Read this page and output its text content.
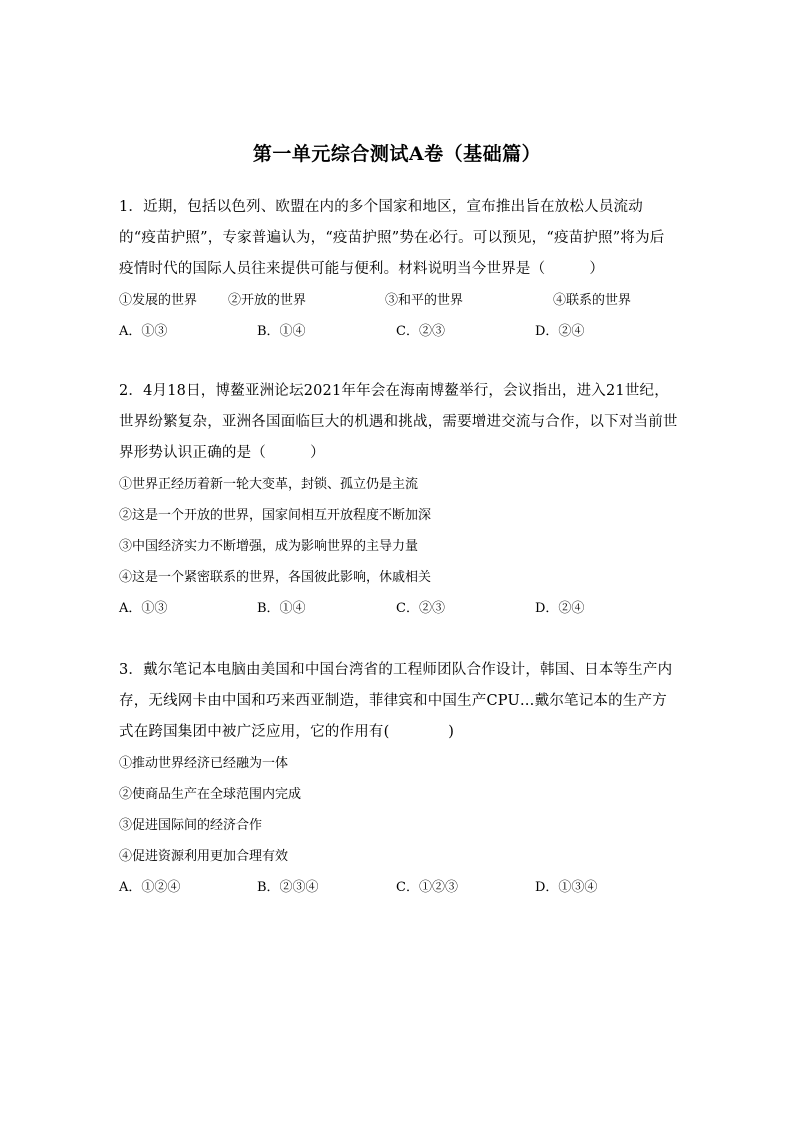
第一单元综合测试A卷（基础篇）

1．近期，包括以色列、欧盟在内的多个国家和地区，宣布推出旨在放松人员流动的“疫苗护照”，专家普遍认为，“疫苗护照”势在必行。可以预见，“疫苗护照”将为后疫情时代的国际人员往来提供可能与便利。材料说明当今世界是（　　　）

①发展的世界 ②开放的世界	③和平的世界	④联系的世界
A．①③	B．①④	C．②③	D．②④

2．4月18日，博鳌亚洲论坛2021年年会在海南博鳌举行，会议指出，进入21世纪，世界纷繁复杂，亚洲各国面临巨大的机遇和挑战，需要增进交流与合作，以下对当前世界形势认识正确的是（　　　）

①世界正经历着新一轮大变革，封锁、孤立仍是主流

②这是一个开放的世界，国家间相互开放程度不断加深

③中国经济实力不断增强，成为影响世界的主导力量

④这是一个紧密联系的世界，各国彼此影响，休戚相关

A．①③	B．①④	C．②③	D．②④

3．戴尔笔记本电脑由美国和中国台湾省的工程师团队合作设计，韩国、日本等生产内存，无线网卡由中国和巧来西亚制造，菲律宾和中国生产CPU…戴尔笔记本的生产方式在跨国集团中被广泛应用，它的作用有(　　　　)

①推动世界经济已经融为一体

②使商品生产在全球范围内完成

③促进国际间的经济合作

④促进资源利用更加合理有效

A．①②④	B．②③④	C．①②③	D．①③④
